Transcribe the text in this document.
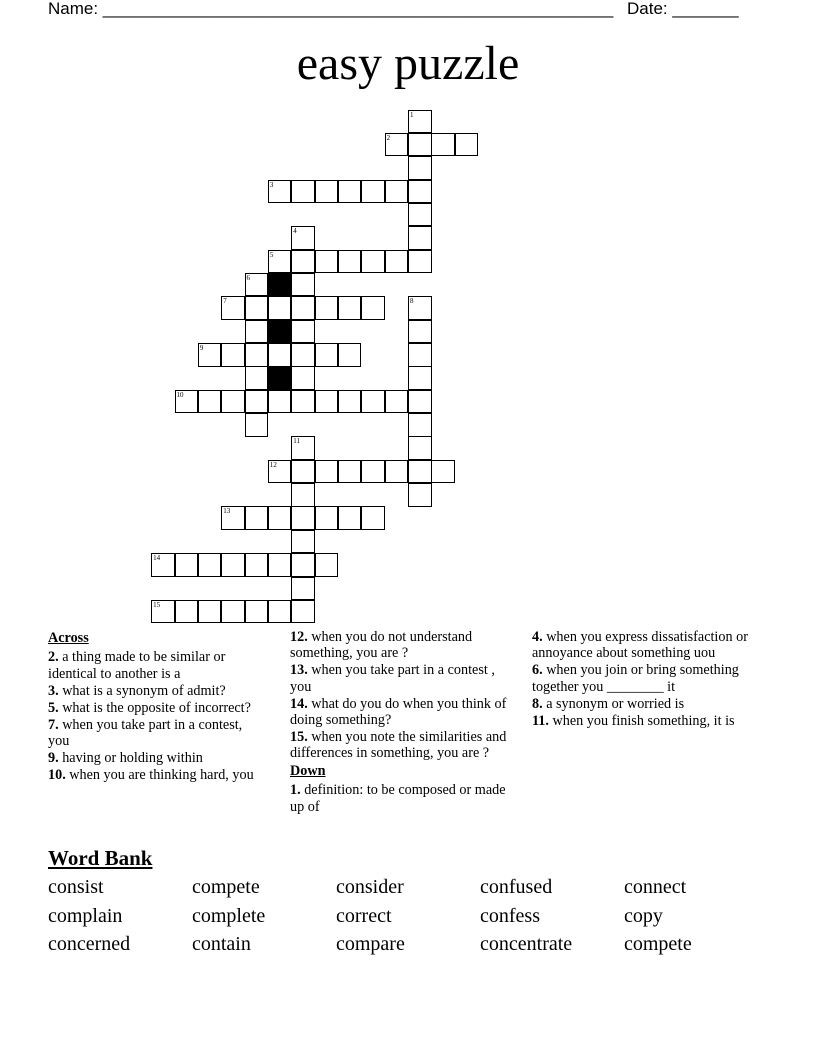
Name: ______________________________________________________ Date: _______
easy puzzle
1
2
3
4
5
6
7	8
9
10
11
12
13
14
15
Across
2. a thing made to be similar or identical to another is a
3. what is a synonym of admit?
5. what is the opposite of incorrect?
7. when you take part in a contest, you
9. having or holding within
10. when you are thinking hard, you
12. when you do not understand something, you are ?
13. when you take part in a contest , you
14. what do you do when you think of doing something?
15. when you note the similarities and differences in something, you are ?
Down
1. definition: to be composed or made up of
4. when you express dissatisfaction or annoyance about something uou
6. when you join or bring something together you ________ it
8. a synonym or worried is
11. when you finish something, it is
Word Bank
consist	compete	consider	confused	connect
complain	complete	correct	confess	copy
concerned	contain	compare	concentrate	compete
